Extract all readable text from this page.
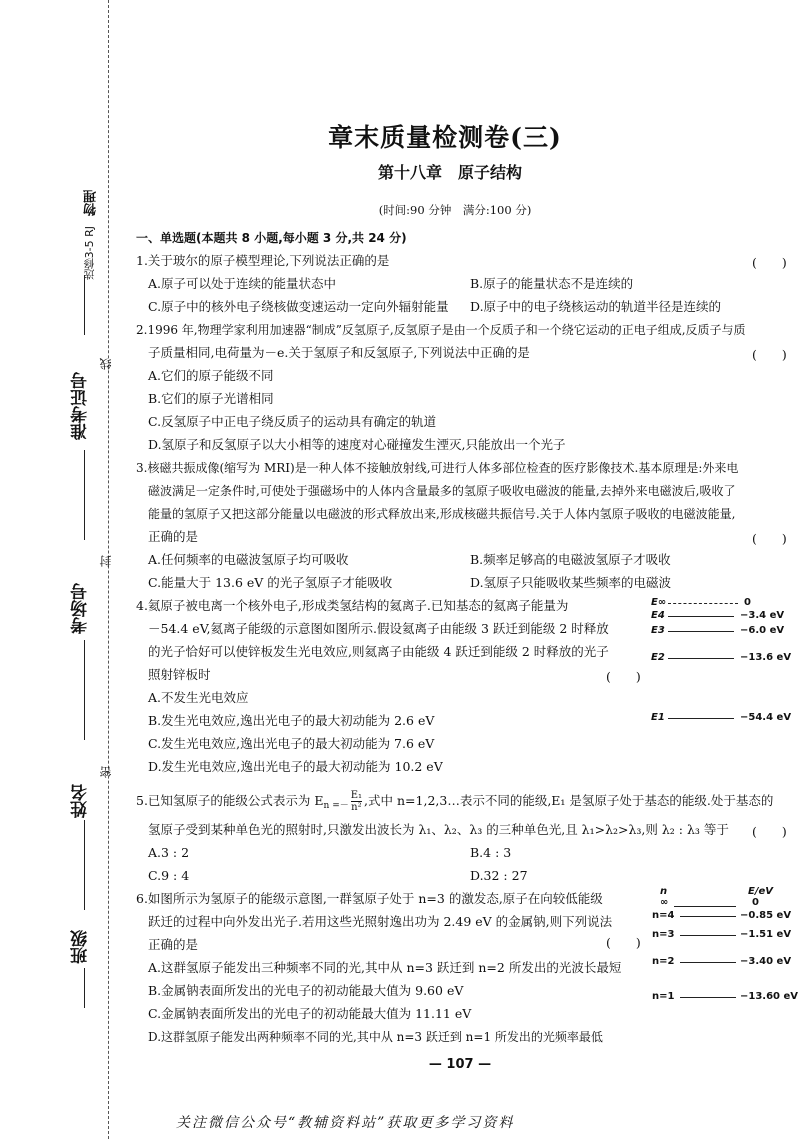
选修3-5 RJ
物理
准考证号
线
考场号
封
姓名
密
班级
章末质量检测卷(三)
第十八章　原子结构
(时间:90 分钟　满分:100 分)
一、单选题(本题共 8 小题,每小题 3 分,共 24 分)
1.关于玻尔的原子模型理论,下列说法正确的是	(　　)
A.原子可以处于连续的能量状态中	B.原子的能量状态不是连续的
C.原子中的核外电子绕核做变速运动一定向外辐射能量 D.原子中的电子绕核运动的轨道半径是连续的
2.1996 年,物理学家利用加速器“制成”反氢原子,反氢原子是由一个反质子和一个绕它运动的正电子组成,反质子与质
子质量相同,电荷量为－e.关于氢原子和反氢原子,下列说法中正确的是	(　　)
A.它们的原子能级不同
B.它们的原子光谱相同
C.反氢原子中正电子绕反质子的运动具有确定的轨道
D.氢原子和反氢原子以大小相等的速度对心碰撞发生湮灭,只能放出一个光子
3.核磁共振成像(缩写为 MRI)是一种人体不接触放射线,可进行人体多部位检查的医疗影像技术.基本原理是:外来电
磁波满足一定条件时,可使处于强磁场中的人体内含量最多的氢原子吸收电磁波的能量,去掉外来电磁波后,吸收了
能量的氢原子又把这部分能量以电磁波的形式释放出来,形成核磁共振信号.关于人体内氢原子吸收的电磁波能量,
正确的是	(　　)
A.任何频率的电磁波氢原子均可吸收	B.频率足够高的电磁波氢原子才吸收
C.能量大于 13.6 eV 的光子氢原子才能吸收	D.氢原子只能吸收某些频率的电磁波
4.氦原子被电离一个核外电子,形成类氢结构的氦离子.已知基态的氦离子能量为
－54.4 eV,氦离子能级的示意图如图所示.假设氦离子由能级 3 跃迁到能级 2 时释放
的光子恰好可以使锌板发生光电效应,则氦离子由能级 4 跃迁到能级 2 时释放的光子
照射锌板时	(　　)
A.不发生光电效应
B.发生光电效应,逸出光电子的最大初动能为 2.6 eV
C.发生光电效应,逸出光电子的最大初动能为 7.6 eV
D.发生光电效应,逸出光电子的最大初动能为 10.2 eV
E∞	0
E4	−3.4 eV
E3	−6.0 eV
E2	−13.6 eV
E1	−54.4 eV
5.已知氢原子的能级公式表示为 $E_{n =-} \frac{\text{E₁}}{\text{n²}}$ ,式中 n=1,2,3…表示不同的能级,E₁ 是氢原子处于基态的能级.处于基态的
氢原子受到某种单色光的照射时,只激发出波长为 λ₁、λ₂、λ₃ 的三种单色光,且 λ₁>λ₂>λ₃,则 λ₂ : λ₃ 等于 (　　)
A.3 : 2	B.4 : 3
C.9 : 4	D.32 : 27
6.如图所示为氢原子的能级示意图,一群氢原子处于 n=3 的激发态,原子在向较低能级
跃迁的过程中向外发出光子.若用这些光照射逸出功为 2.49 eV 的金属钠,则下列说法
正确的是	(　　)
A.这群氢原子能发出三种频率不同的光,其中从 n=3 跃迁到 n=2 所发出的光波长最短
B.金属钠表面所发出的光电子的初动能最大值为 9.60 eV
C.金属钠表面所发出的光电子的初动能最大值为 11.11 eV
D.这群氢原子能发出两种频率不同的光,其中从 n=3 跃迁到 n=1 所发出的光频率最低
n	E/eV
∞	0
n=4	−0.85 eV
n=3	−1.51 eV
n=2	−3.40 eV
n=1	−13.60 eV
— 107 —
关注微信公众号“教辅资料站”获取更多学习资料
